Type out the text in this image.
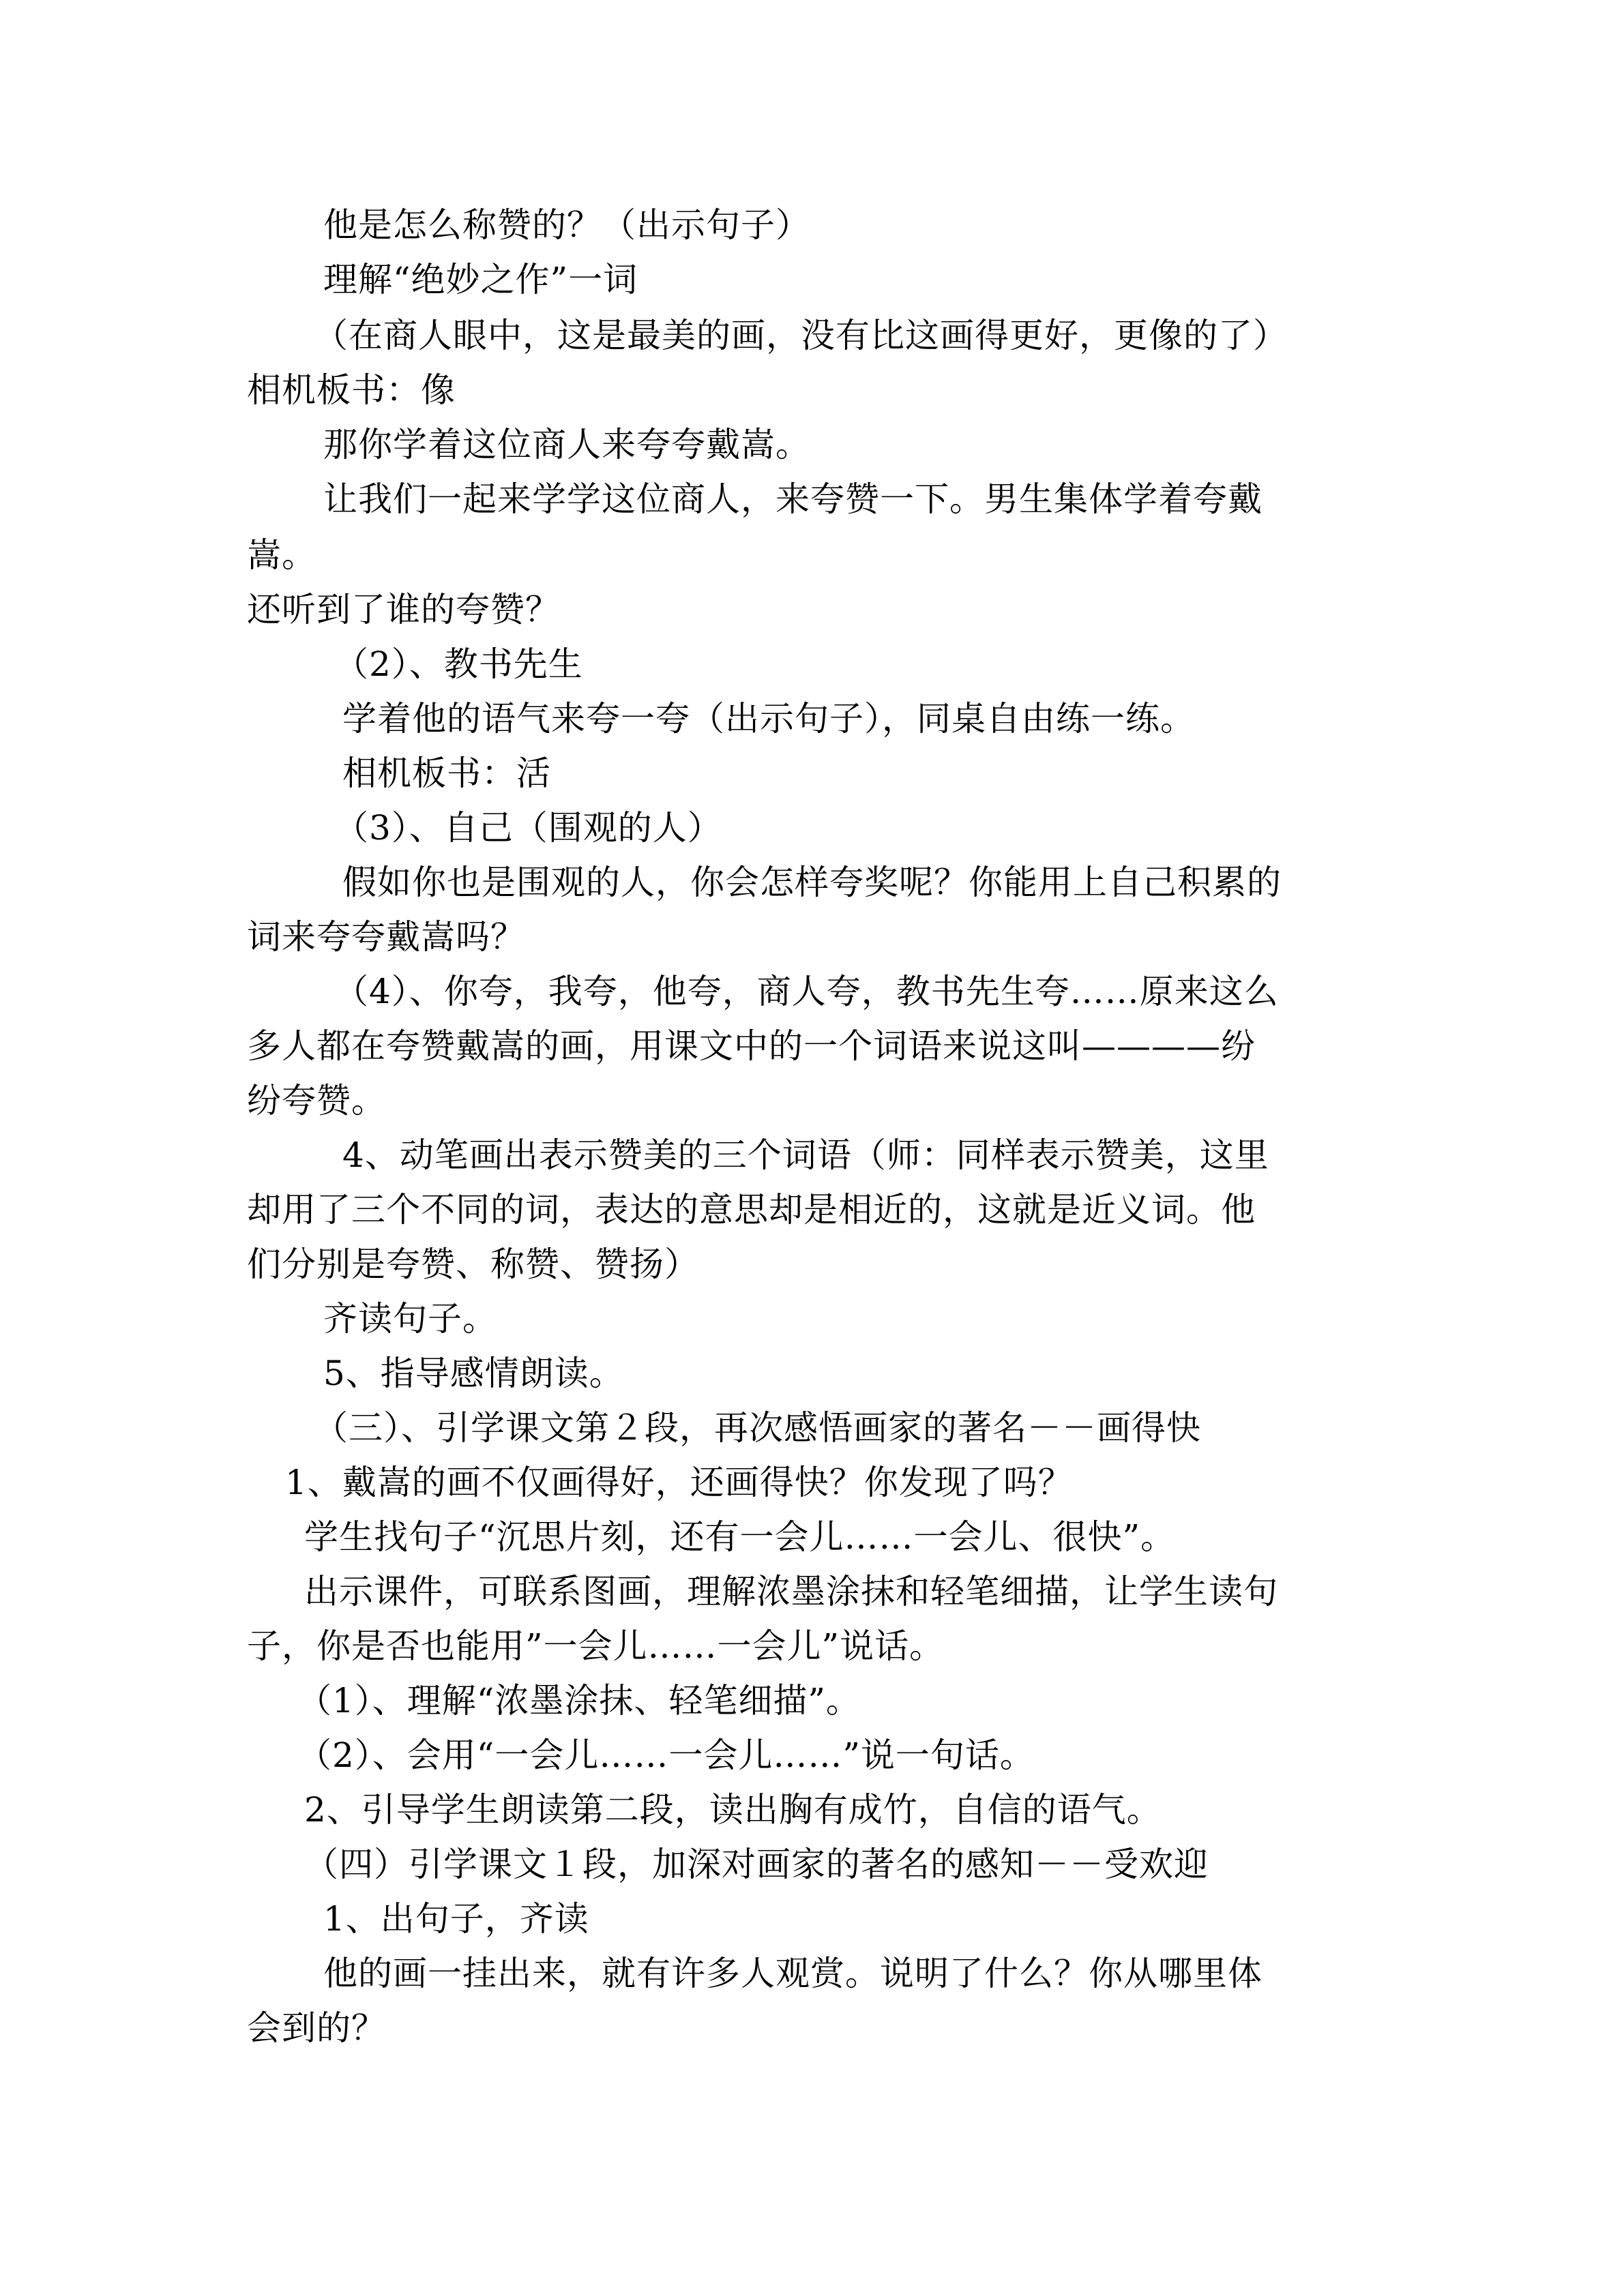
他是怎么称赞的？（出示句子）
理解“绝妙之作”一词
（在商人眼中，这是最美的画，没有比这画得更好，更像的了）
相机板书：像
那你学着这位商人来夸夸戴嵩。
让我们一起来学学这位商人，来夸赞一下。男生集体学着夸戴
嵩。
还听到了谁的夸赞？
（2）、教书先生
学着他的语气来夸一夸（出示句子），同桌自由练一练。
相机板书：活
（3）、自己（围观的人）
假如你也是围观的人，你会怎样夸奖呢？你能用上自己积累的
词来夸夸戴嵩吗？
（4）、你夸，我夸，他夸，商人夸，教书先生夸……原来这么
多人都在夸赞戴嵩的画，用课文中的一个词语来说这叫————纷
纷夸赞。
4、动笔画出表示赞美的三个词语（师：同样表示赞美，这里
却用了三个不同的词，表达的意思却是相近的，这就是近义词。他
们分别是夸赞、称赞、赞扬）
齐读句子。
5、指导感情朗读。
（三）、引学课文第２段，再次感悟画家的著名－－画得快
1、戴嵩的画不仅画得好，还画得快？你发现了吗？
学生找句子“沉思片刻，还有一会儿……一会儿、很快”。
出示课件，可联系图画，理解浓墨涂抹和轻笔细描，让学生读句
子，你是否也能用”一会儿……一会儿”说话。
（1）、理解“浓墨涂抹、轻笔细描”。
（2）、会用“一会儿……一会儿……”说一句话。
2、引导学生朗读第二段，读出胸有成竹，自信的语气。
（四）引学课文１段，加深对画家的著名的感知－－受欢迎
1、出句子，齐读
他的画一挂出来，就有许多人观赏。说明了什么？你从哪里体
会到的？
